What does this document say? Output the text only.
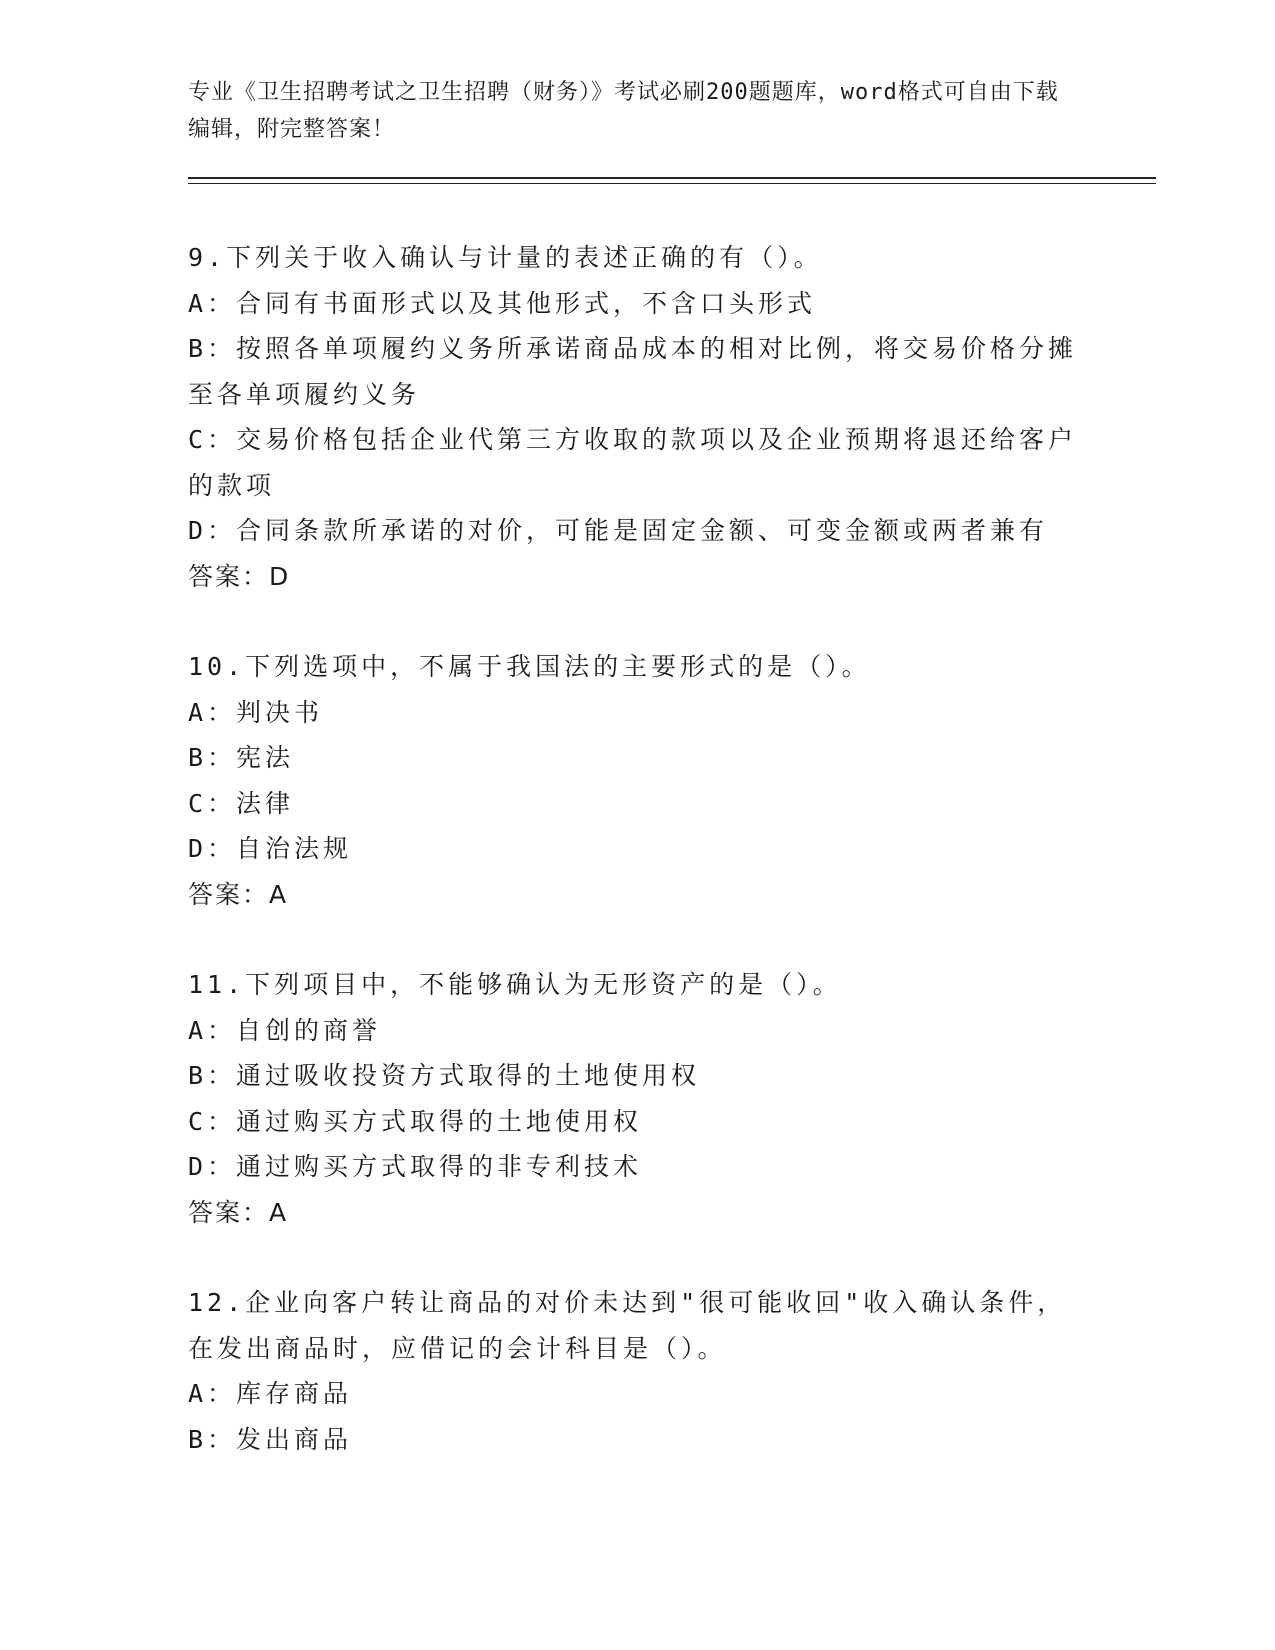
专业《卫生招聘考试之卫生招聘（财务）》考试必刷200题题库，word格式可自由下载编辑，附完整答案！

9.下列关于收入确认与计量的表述正确的有（）。

A：合同有书面形式以及其他形式，不含口头形式

B：按照各单项履约义务所承诺商品成本的相对比例，将交易价格分摊至各单项履约义务

C：交易价格包括企业代第三方收取的款项以及企业预期将退还给客户的款项

D：合同条款所承诺的对价，可能是固定金额、可变金额或两者兼有

答案：D

10.下列选项中，不属于我国法的主要形式的是（）。

A：判决书

B：宪法

C：法律

D：自治法规

答案：A

11.下列项目中，不能够确认为无形资产的是（）。

A：自创的商誉

B：通过吸收投资方式取得的土地使用权

C：通过购买方式取得的土地使用权

D：通过购买方式取得的非专利技术

答案：A

12.企业向客户转让商品的对价未达到"很可能收回"收入确认条件，在发出商品时，应借记的会计科目是（）。

A：库存商品

B：发出商品
